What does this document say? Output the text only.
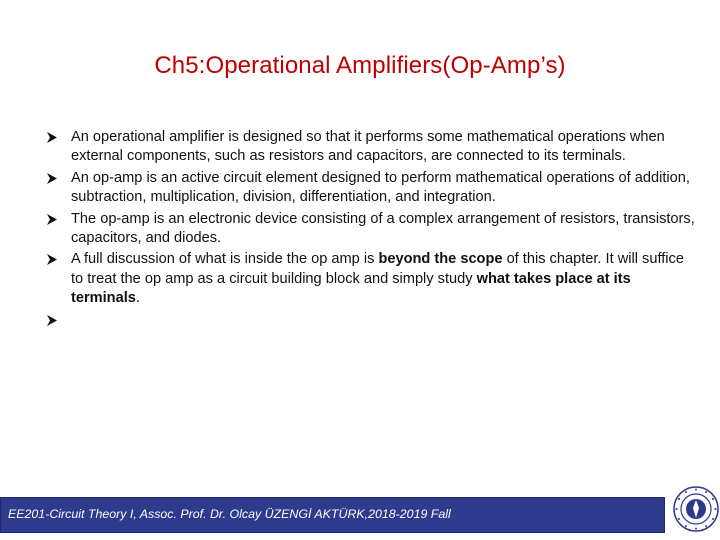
Ch5:Operational Amplifiers(Op-Amp’s)
An operational amplifier is designed so that it performs some mathematical operations when external components, such as resistors and capacitors, are connected to its terminals.
An op-amp is an active circuit element designed to perform mathematical operations of addition, subtraction, multiplication, division, differentiation, and integration.
The op-amp is an electronic device consisting of a complex arrangement of resistors, transistors, capacitors, and diodes.
A full discussion of what is inside the op amp is beyond the scope of this chapter. It will suffice to treat the op amp as a circuit building block and simply study what takes place at its terminals.
EE201-Circuit Theory I, Assoc. Prof. Dr. Olcay ÜZENGİ AKTÜRK,2018-2019 Fall
